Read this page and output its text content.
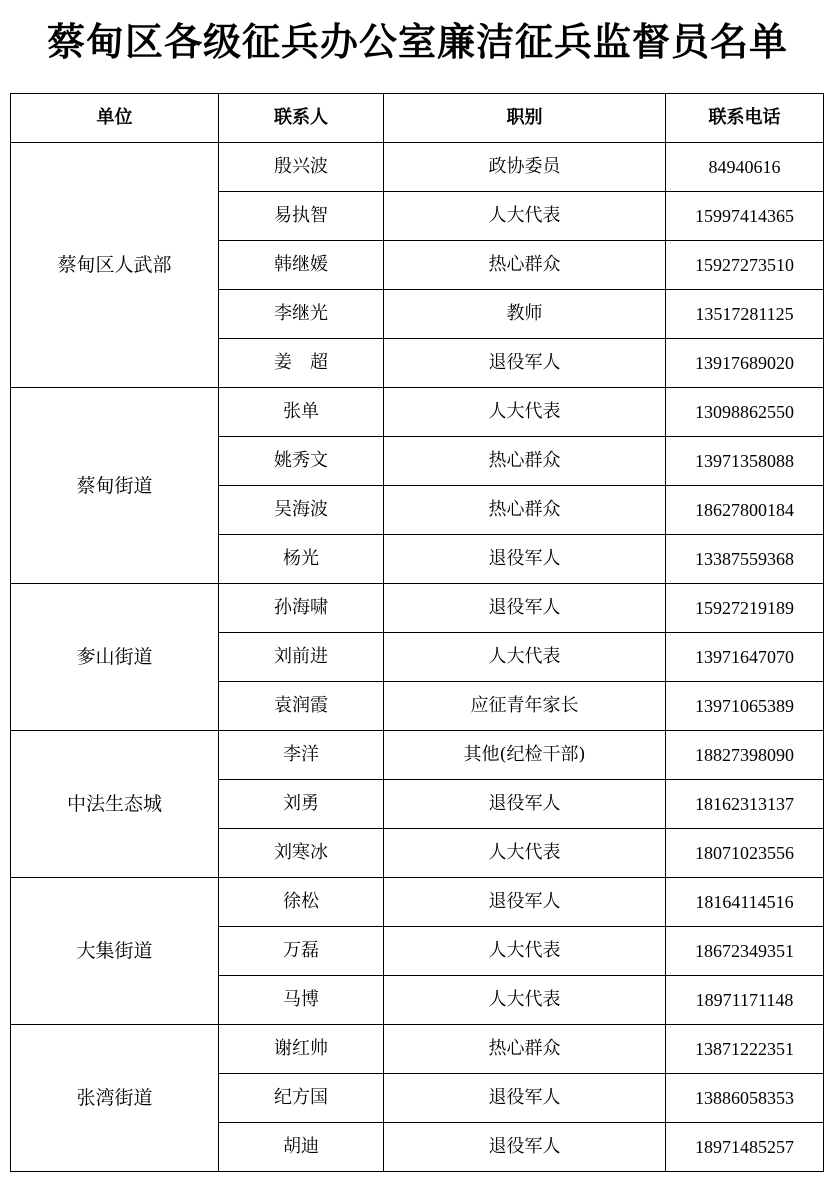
蔡甸区各级征兵办公室廉洁征兵监督员名单
单位	联系人	职别	联系电话
蔡甸区人武部	殷兴波	政协委员	84940616
	易执智	人大代表	15997414365
	韩继媛	热心群众	15927273510
	李继光	教师	13517281125
	姜　超	退役军人	13917689020
蔡甸街道	张单	人大代表	13098862550
	姚秀文	热心群众	13971358088
	吴海波	热心群众	18627800184
	杨光	退役军人	13387559368
奓山街道	孙海啸	退役军人	15927219189
	刘前进	人大代表	13971647070
	袁润霞	应征青年家长	13971065389
中法生态城	李洋	其他(纪检干部)	18827398090
	刘勇	退役军人	18162313137
	刘寒冰	人大代表	18071023556
大集街道	徐松	退役军人	18164114516
	万磊	人大代表	18672349351
	马博	人大代表	18971171148
张湾街道	谢红帅	热心群众	13871222351
	纪方国	退役军人	13886058353
	胡迪	退役军人	18971485257
